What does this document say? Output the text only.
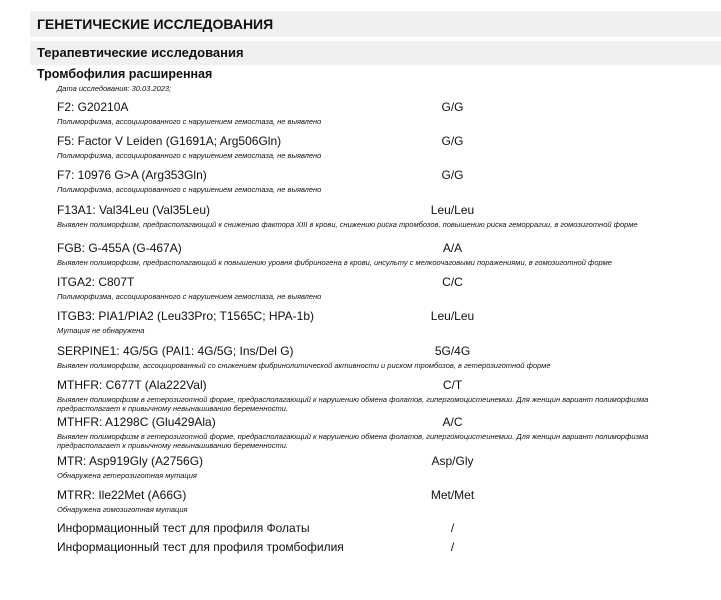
ГЕНЕТИЧЕСКИЕ ИССЛЕДОВАНИЯ
Терапевтические исследования
Тромбофилия расширенная
Дата исследования: 30.03.2023;
F2: G20210A	G/G
Полиморфизма, ассоциированного с нарушением гемостаза, не выявлено
F5: Factor V Leiden (G1691A; Arg506Gln)	G/G
Полиморфизма, ассоциированного с нарушением гемостаза, не выявлено
F7: 10976 G>A (Arg353Gln)	G/G
Полиморфизма, ассоциированного с нарушением гемостаза, не выявлено
F13A1: Val34Leu (Val35Leu)	Leu/Leu
Выявлен полиморфизм, предрасполагающий к снижению фактора XIII в крови, снижению риска тромбозов, повышению риска геморрагии, в гомозиготной форме
FGB: G-455A (G-467A)	A/A
Выявлен полиморфизм, предрасполагающий к повышению уровня фибриногена в крови, инсульту с мелкоочаговыми поражениями, в гомозиготной форме
ITGA2: C807T	C/C
Полиморфизма, ассоциированного с нарушением гемостаза, не выявлено
ITGB3: PIA1/PIA2 (Leu33Pro; T1565C; HPA-1b)	Leu/Leu
Мутация не обнаружена
SERPINE1: 4G/5G (PAI1: 4G/5G; Ins/Del G)	5G/4G
Выявлен полиморфизм, ассоциированный со снижением фибринолитической активности и риском тромбозов, в гетерозиготной форме
MTHFR: C677T (Ala222Val)	C/T
Выявлен полиморфизм в гетерозиготной форме, предрасполагающий к нарушению обмена фолатов, гипергомоцистеинемии. Для женщин вариант полиморфизма предрасполагает к привычному невынашиванию беременности.
MTHFR: A1298C (Glu429Ala)	A/C
Выявлен полиморфизм в гетерозиготной форме, предрасполагающий к нарушению обмена фолатов, гипергомоцистеинемии. Для женщин вариант полиморфизма предрасполагает к привычному невынашиванию беременности.
MTR: Asp919Gly (A2756G)	Asp/Gly
Обнаружена гетерозиготная мутация
MTRR: Ile22Met (A66G)	Met/Met
Обнаружена гомозиготная мутация
Информационный тест для профиля Фолаты	/
Информационный тест для профиля тромбофилия	/
